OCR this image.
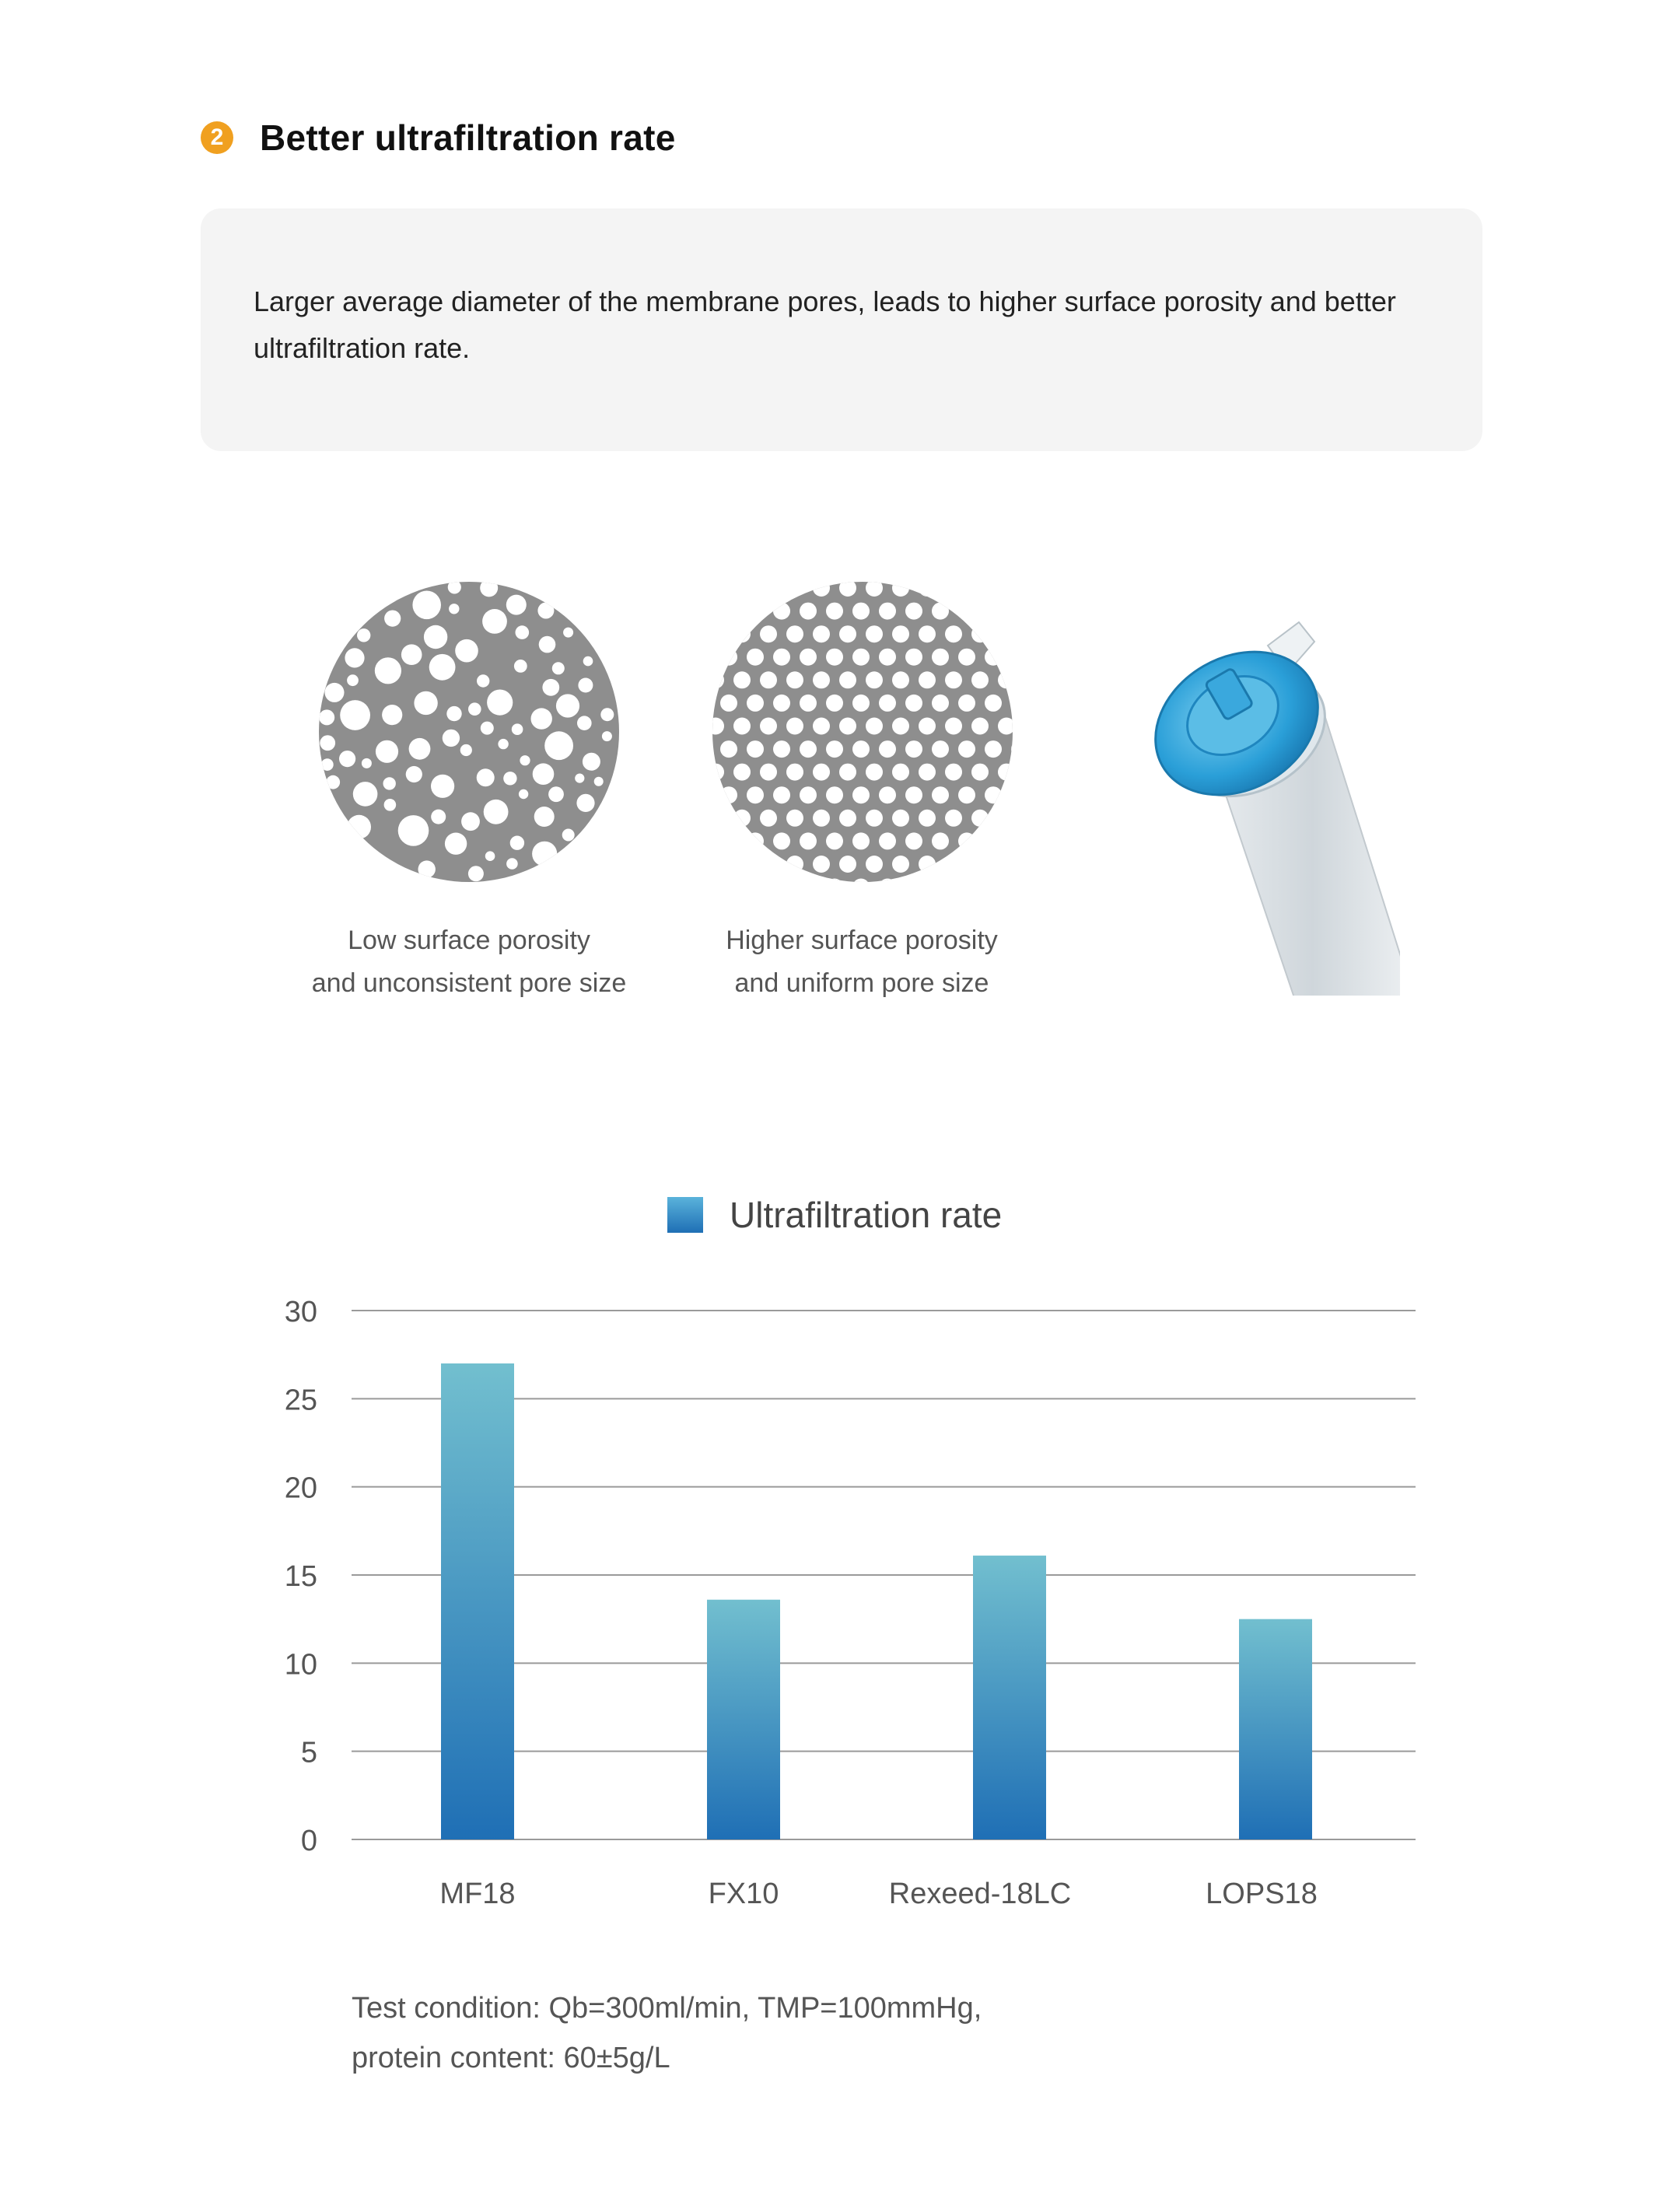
2 Better ultrafiltration rate
Larger average diameter of the membrane pores, leads to higher surface porosity and better ultrafiltration rate.
Low surface porosity
and unconsistent pore size
Higher surface porosity
and uniform pore size
Ultrafiltration rate
0
5
10
15
20
25
30
MF18	FX10	Rexeed-18LC	LOPS18
Test condition: Qb=300ml/min, TMP=100mmHg,
protein content: 60±5g/L
